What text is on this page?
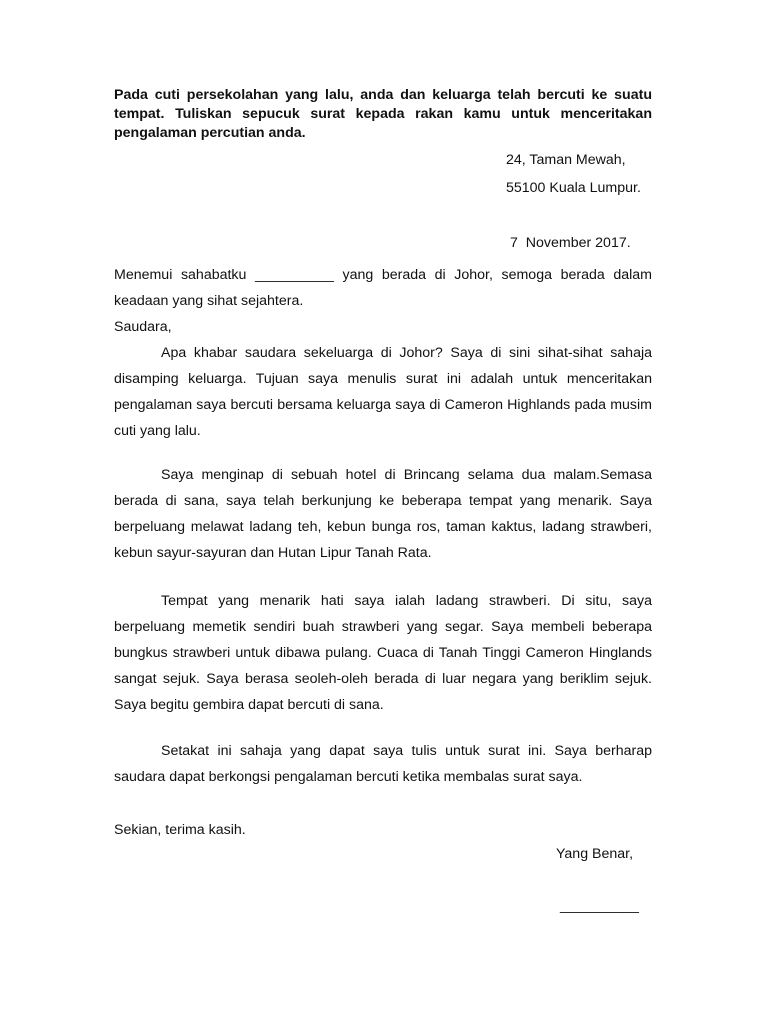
Pada cuti persekolahan yang lalu, anda dan keluarga telah bercuti ke suatu tempat. Tuliskan sepucuk surat kepada rakan kamu untuk menceritakan pengalaman percutian anda.

24, Taman Mewah,

55100 Kuala Lumpur.

7  November 2017.

Menemui sahabatku __________ yang berada di Johor, semoga berada dalam keadaan yang sihat sejahtera.

Saudara,

Apa khabar saudara sekeluarga di Johor? Saya di sini sihat-sihat sahaja disamping keluarga. Tujuan saya menulis surat ini adalah untuk menceritakan pengalaman saya bercuti bersama keluarga saya di Cameron Highlands pada musim cuti yang lalu.

Saya menginap di sebuah hotel di Brincang selama dua malam.Semasa berada di sana, saya telah berkunjung ke beberapa tempat yang menarik. Saya berpeluang melawat ladang teh, kebun bunga ros, taman kaktus, ladang strawberi, kebun sayur-sayuran dan Hutan Lipur Tanah Rata.

Tempat yang menarik hati saya ialah ladang strawberi. Di situ, saya berpeluang memetik sendiri buah strawberi yang segar. Saya membeli beberapa bungkus strawberi untuk dibawa pulang. Cuaca di Tanah Tinggi Cameron Hinglands sangat sejuk. Saya berasa seoleh-oleh berada di luar negara yang beriklim sejuk. Saya begitu gembira dapat bercuti di sana.

Setakat ini sahaja yang dapat saya tulis untuk surat ini. Saya berharap saudara dapat berkongsi pengalaman bercuti ketika membalas surat saya.

Sekian, terima kasih.

Yang Benar,

__________
